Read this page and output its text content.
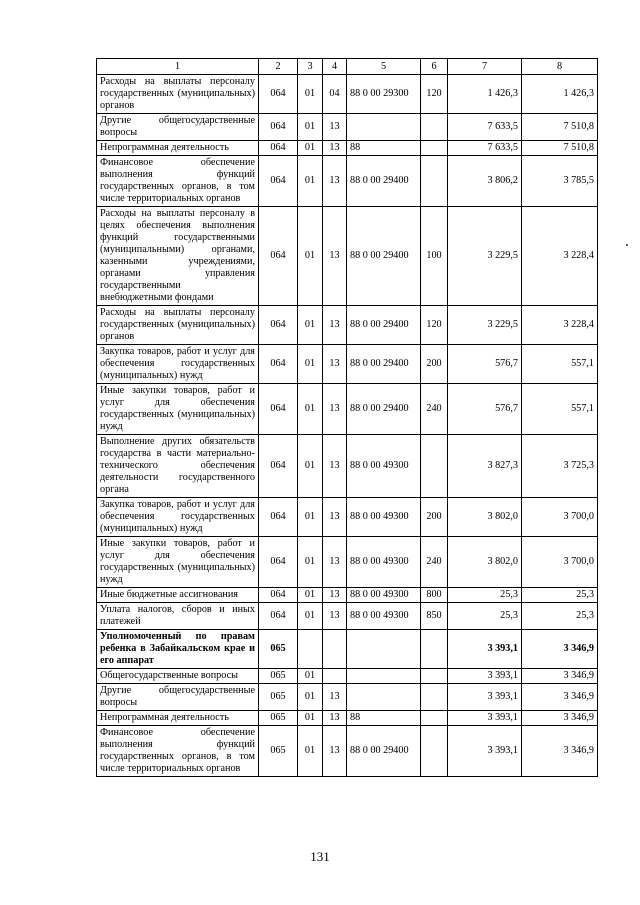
1	2	3	4	5	6	7	8
Расходы на выплаты персоналу государственных (муниципальных) органов	064	01	04	88 0 00 29300	120	1 426,3	1 426,3
Другие общегосударственные вопросы	064	01	13			7 633,5	7 510,8
Непрограммная деятельность	064	01	13	88		7 633,5	7 510,8
Финансовое обеспечение выполнения функций государственных органов, в том числе территориальных органов	064	01	13	88 0 00 29400		3 806,2	3 785,5
Расходы на выплаты персоналу в целях обеспечения выполнения функций государственными (муниципальными) органами, казенными учреждениями, органами управления государственными внебюджетными фондами	064	01	13	88 0 00 29400	100	3 229,5	3 228,4
Расходы на выплаты персоналу государственных (муниципальных) органов	064	01	13	88 0 00 29400	120	3 229,5	3 228,4
Закупка товаров, работ и услуг для обеспечения государственных (муниципальных) нужд	064	01	13	88 0 00 29400	200	576,7	557,1
Иные закупки товаров, работ и услуг для обеспечения государственных (муниципальных) нужд	064	01	13	88 0 00 29400	240	576,7	557,1
Выполнение других обязательств государства в части материально-технического обеспечения деятельности государственного органа	064	01	13	88 0 00 49300		3 827,3	3 725,3
Закупка товаров, работ и услуг для обеспечения государственных (муниципальных) нужд	064	01	13	88 0 00 49300	200	3 802,0	3 700,0
Иные закупки товаров, работ и услуг для обеспечения государственных (муниципальных) нужд	064	01	13	88 0 00 49300	240	3 802,0	3 700,0
Иные бюджетные ассигнования	064	01	13	88 0 00 49300	800	25,3	25,3
Уплата налогов, сборов и иных платежей	064	01	13	88 0 00 49300	850	25,3	25,3
Уполномоченный по правам ребенка в Забайкальском крае и его аппарат	065					3 393,1	3 346,9
Общегосударственные вопросы	065	01				3 393,1	3 346,9
Другие общегосударственные вопросы	065	01	13			3 393,1	3 346,9
Непрограммная деятельность	065	01	13	88		3 393,1	3 346,9
Финансовое обеспечение выполнения функций государственных органов, в том числе территориальных органов	065	01	13	88 0 00 29400		3 393,1	3 346,9
131
